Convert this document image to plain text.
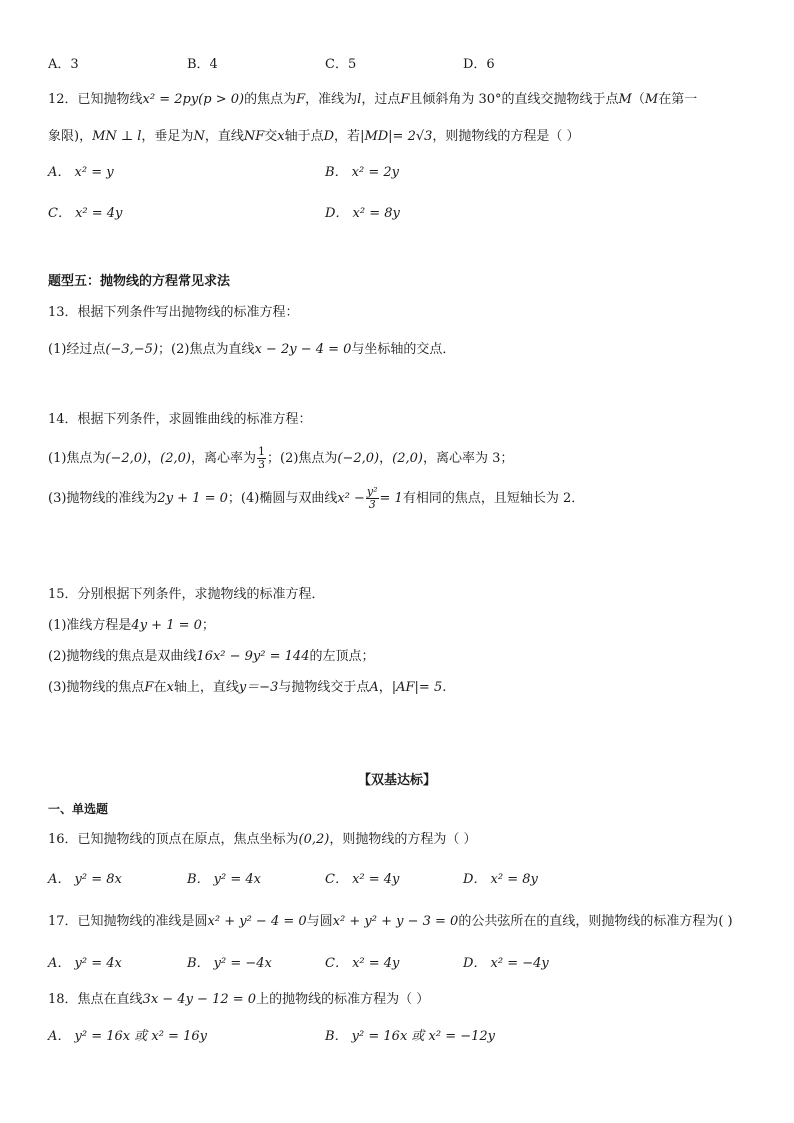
A．3	B．4	C．5	D．6
12．已知抛物线x² = 2py(p > 0)的焦点为F，准线为l，过点F且倾斜角为 30°的直线交抛物线于点M（M在第一
象限)，MN ⊥ l，垂足为N，直线NF交x轴于点D，若|MD|= 2√3，则抛物线的方程是（ ）
A． x² = y	B． x² = 2y
C． x² = 4y	D． x² = 8y
题型五：抛物线的方程常见求法
13．根据下列条件写出抛物线的标准方程：
(1)经过点(−3,−5)；(2)焦点为直线x − 2y − 4 = 0与坐标轴的交点．
14．根据下列条件，求圆锥曲线的标准方程：
(1)焦点为(−2,0)，(2,0)，离心率为 $\frac{1}{3}$ ；(2)焦点为(−2,0)，(2,0)，离心率为 3；
(3)抛物线的准线为2y + 1 = 0；(4)椭圆与双曲线$x^2 - \frac{\text{y²}}{3} = 1$有相同的焦点，且短轴长为 2．
15．分别根据下列条件，求抛物线的标准方程．
(1)准线方程是4y + 1 = 0；
(2)抛物线的焦点是双曲线16x² − 9y² = 144的左顶点；
(3)抛物线的焦点F在x轴上，直线y＝−3与抛物线交于点A，|AF|= 5.
【双基达标】
一、单选题
16．已知抛物线的顶点在原点，焦点坐标为(0,2)，则抛物线的方程为（ ）
A． y² = 8x	B． y² = 4x	C． x² = 4y	D． x² = 8y
17．已知抛物线的准线是圆x² + y² − 4 = 0与圆x² + y² + y − 3 = 0的公共弦所在的直线，则抛物线的标准方程为( )
A． y² = 4x	B． y² = −4x	C． x² = 4y	D． x² = −4y
18．焦点在直线3x − 4y − 12 = 0上的抛物线的标准方程为（ ）
A． y² = 16x 或 x² = 16y	B． y² = 16x 或 x² = −12y
